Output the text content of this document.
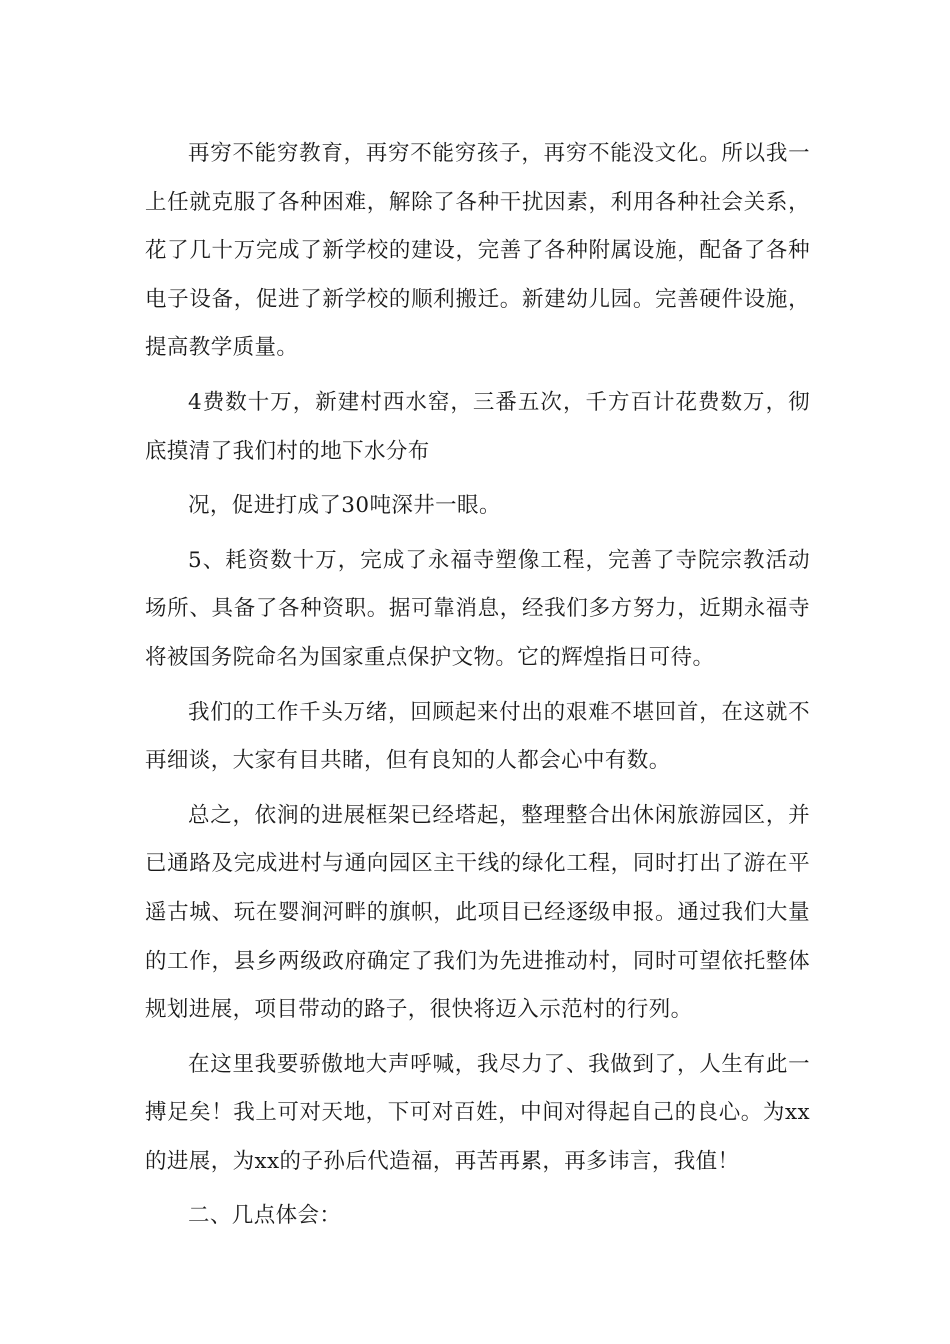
再穷不能穷教育，再穷不能穷孩子，再穷不能没文化。所以我一上任就克服了各种困难，解除了各种干扰因素，利用各种社会关系，花了几十万完成了新学校的建设，完善了各种附属设施，配备了各种电子设备，促进了新学校的顺利搬迁。新建幼儿园。完善硬件设施，提高教学质量。

4费数十万，新建村西水窑，三番五次，千方百计花费数万，彻底摸清了我们村的地下水分布

况，促进打成了30吨深井一眼。

5、耗资数十万，完成了永福寺塑像工程，完善了寺院宗教活动场所、具备了各种资职。据可靠消息，经我们多方努力，近期永福寺将被国务院命名为国家重点保护文物。它的辉煌指日可待。

我们的工作千头万绪，回顾起来付出的艰难不堪回首，在这就不再细谈，大家有目共睹，但有良知的人都会心中有数。

总之，依涧的进展框架已经塔起，整理整合出休闲旅游园区，并已通路及完成进村与通向园区主干线的绿化工程，同时打出了游在平遥古城、玩在婴涧河畔的旗帜，此项目已经逐级申报。通过我们大量的工作，县乡两级政府确定了我们为先进推动村，同时可望依托整体规划进展，项目带动的路子，很快将迈入示范村的行列。

在这里我要骄傲地大声呼喊，我尽力了、我做到了，人生有此一搏足矣！我上可对天地，下可对百姓，中间对得起自己的良心。为xx的进展，为xx的子孙后代造福，再苦再累，再多讳言，我值！

二、几点体会：
